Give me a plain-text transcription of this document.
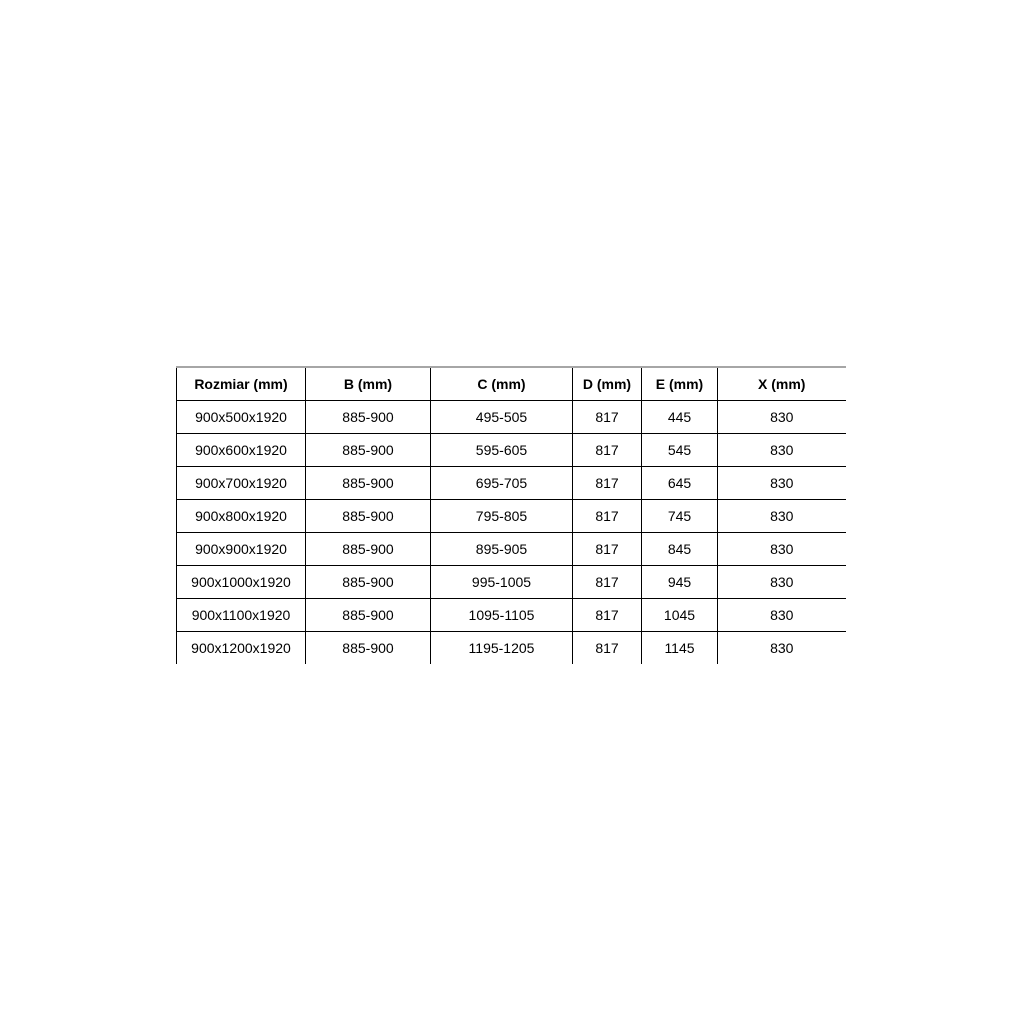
Rozmiar (mm)	B (mm)	C (mm)	D (mm)	E (mm)	X (mm)
900x500x1920	885-900	495-505	817	445	830
900x600x1920	885-900	595-605	817	545	830
900x700x1920	885-900	695-705	817	645	830
900x800x1920	885-900	795-805	817	745	830
900x900x1920	885-900	895-905	817	845	830
900x1000x1920	885-900	995-1005	817	945	830
900x1100x1920	885-900	1095-1105	817	1045	830
900x1200x1920	885-900	1195-1205	817	1145	830
